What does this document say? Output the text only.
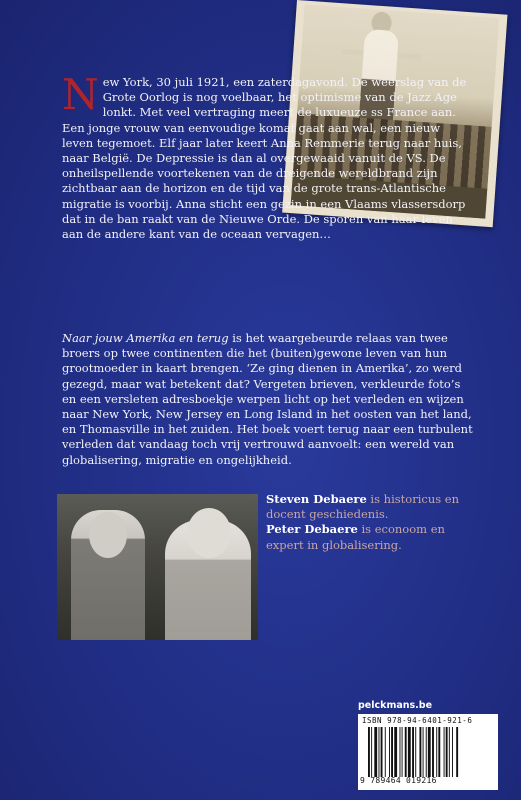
New York, 30 juli 1921, een zaterdagavond. De weerslag van de Grote Oorlog is nog voelbaar, het optimisme van de Jazz Age lonkt. Met veel vertraging meert de luxueuze ss France aan. Een jonge vrouw van eenvoudige komaf gaat aan wal, een nieuw leven tegemoet. Elf jaar later keert Anna Remmerie terug naar huis, naar België. De Depressie is dan al overgewaaid vanuit de VS. De onheilspellende voortekenen van de dreigende wereldbrand zijn zichtbaar aan de horizon en de tijd van de grote trans-Atlantische migratie is voorbij. Anna sticht een gezin in een Vlaams vlassersdorp dat in de ban raakt van de Nieuwe Orde. De sporen van haar leven aan de andere kant van de oceaan vervagen…

Naar jouw Amerika en terug is het waargebeurde relaas van twee broers op twee continenten die het (buiten)gewone leven van hun grootmoeder in kaart brengen. ‘Ze ging dienen in Amerika’, zo werd gezegd, maar wat betekent dat? Vergeten brieven, verkleurde foto’s en een versleten adresboekje werpen licht op het verleden en wijzen naar New York, New Jersey en Long Island in het oosten van het land, en Thomasville in het zuiden. Het boek voert terug naar een turbulent verleden dat vandaag toch vrij vertrouwd aanvoelt: een wereld van globalisering, migratie en ongelijkheid.

Steven Debaere is historicus en docent geschiedenis.
Peter Debaere is econoom en expert in globalisering.
pelckmans.be
ISBN 978-94-6401-921-6
9 789464 019216
